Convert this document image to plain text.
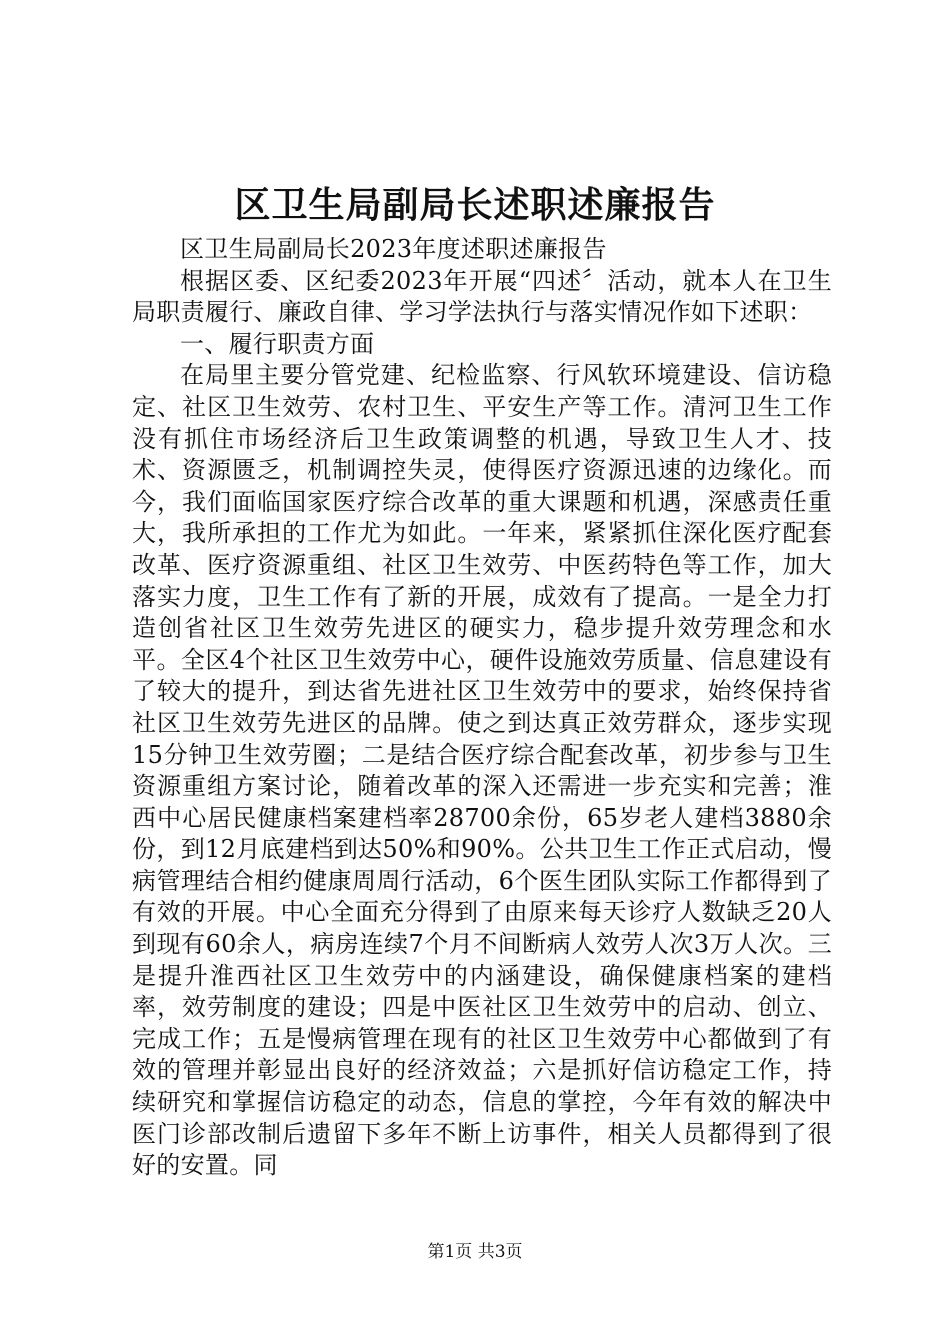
区卫生局副局长述职述廉报告

区卫生局副局长2023年度述职述廉报告

根据区委、区纪委2023年开展“四述〞活动，就本人在卫生局职责履行、廉政自律、学习学法执行与落实情况作如下述职：

一、履行职责方面

在局里主要分管党建、纪检监察、行风软环境建设、信访稳定、社区卫生效劳、农村卫生、平安生产等工作。清河卫生工作没有抓住市场经济后卫生政策调整的机遇，导致卫生人才、技术、资源匮乏，机制调控失灵，使得医疗资源迅速的边缘化。而今，我们面临国家医疗综合改革的重大课题和机遇，深感责任重大，我所承担的工作尤为如此。一年来，紧紧抓住深化医疗配套改革、医疗资源重组、社区卫生效劳、中医药特色等工作，加大落实力度，卫生工作有了新的开展，成效有了提高。一是全力打造创省社区卫生效劳先进区的硬实力，稳步提升效劳理念和水平。全区4个社区卫生效劳中心，硬件设施效劳质量、信息建设有了较大的提升，到达省先进社区卫生效劳中的要求，始终保持省社区卫生效劳先进区的品牌。使之到达真正效劳群众，逐步实现15分钟卫生效劳圈；二是结合医疗综合配套改革，初步参与卫生资源重组方案讨论，随着改革的深入还需进一步充实和完善；淮西中心居民健康档案建档率28700余份，65岁老人建档3880余份，到12月底建档到达50%和90%。公共卫生工作正式启动，慢病管理结合相约健康周周行活动，6个医生团队实际工作都得到了有效的开展。中心全面充分得到了由原来每天诊疗人数缺乏20人到现有60余人，病房连续7个月不间断病人效劳人次3万人次。三是提升淮西社区卫生效劳中的内涵建设，确保健康档案的建档率，效劳制度的建设；四是中医社区卫生效劳中的启动、创立、完成工作；五是慢病管理在现有的社区卫生效劳中心都做到了有效的管理并彰显出良好的经济效益；六是抓好信访稳定工作，持续研究和掌握信访稳定的动态，信息的掌控，今年有效的解决中医门诊部改制后遗留下多年不断上访事件，相关人员都得到了很好的安置。同

第1页 共3页
